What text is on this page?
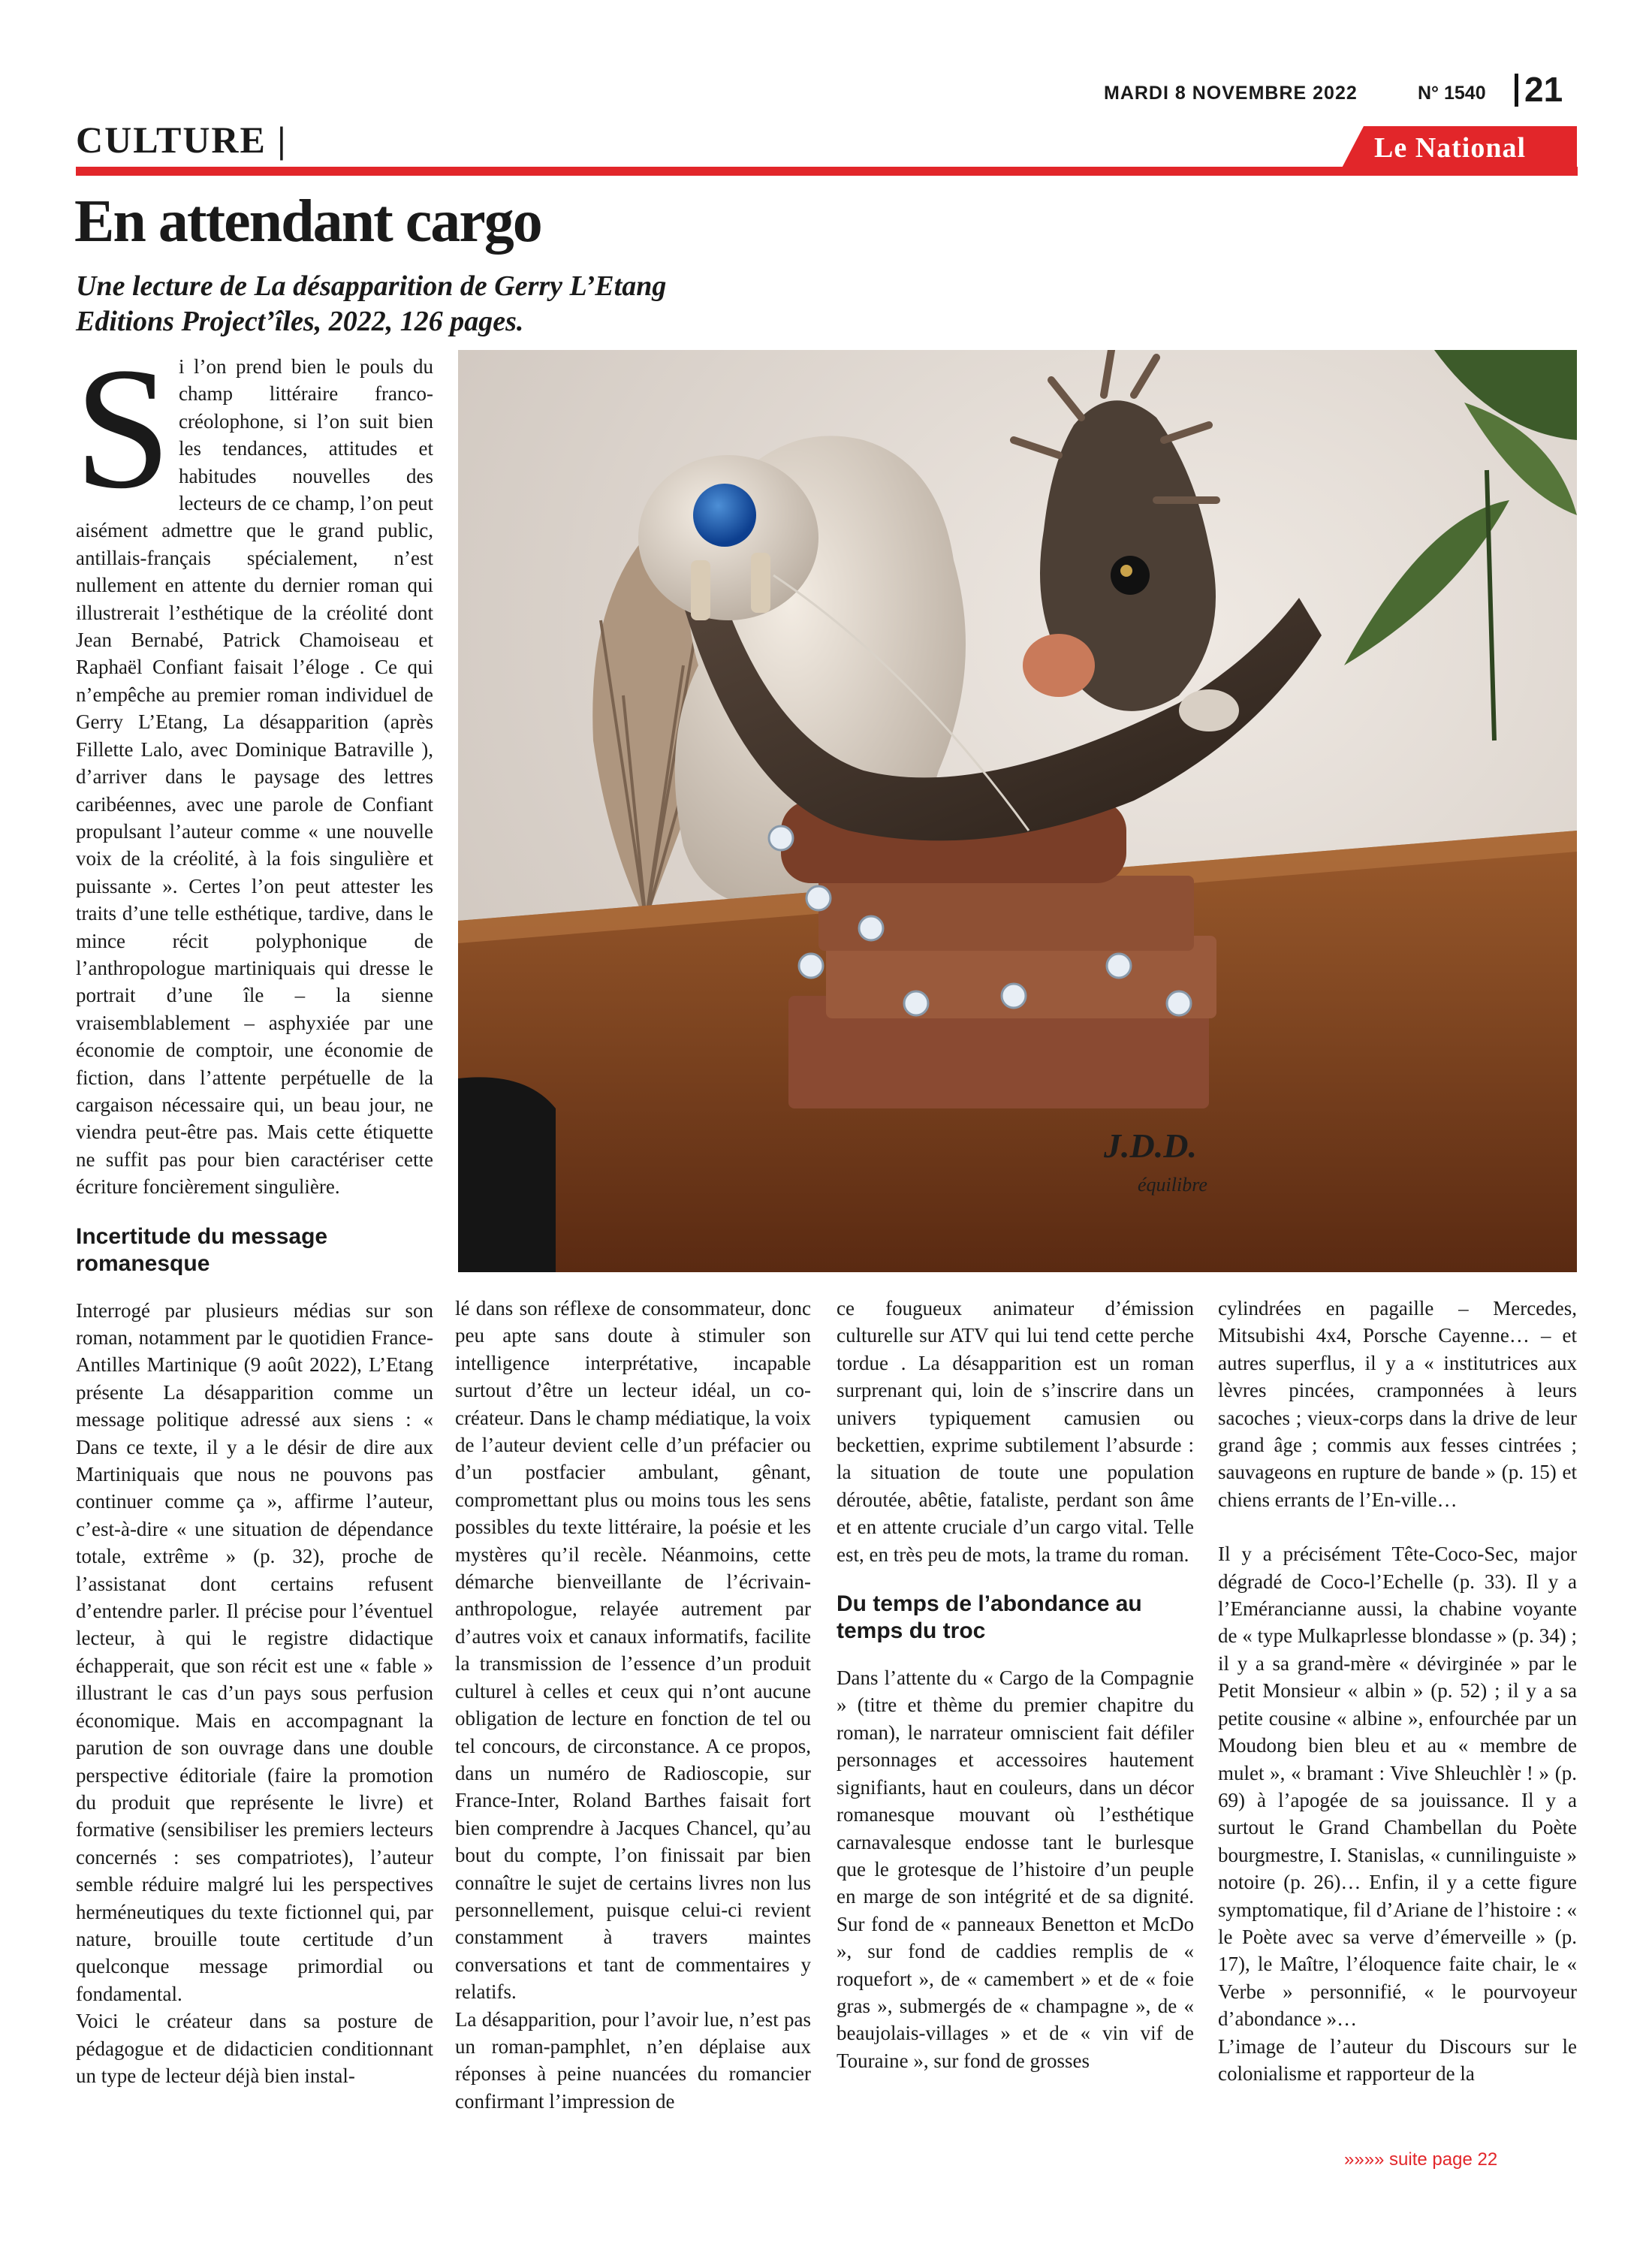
MARDI 8 NOVEMBRE 2022	N° 1540 21
CULTURE |	Le National
En attendant cargo
Une lecture de La désapparition de Gerry L’Etang
Editions Project’îles, 2022, 126 pages.
J.D.D.
équilibre
S i l’on prend bien le pouls du champ littéraire franco-créolophone, si l’on suit bien les tendances, attitudes et habitudes nouvelles des lecteurs de ce champ, l’on peut aisément admettre que le grand public, antillais-français spécialement, n’est nullement en attente du dernier roman qui illustrerait l’esthétique de la créolité dont Jean Bernabé, Patrick Chamoiseau et Raphaël Confiant faisait l’éloge . Ce qui n’empêche au premier roman individuel de Gerry L’Etang, La désapparition (après Fillette Lalo, avec Dominique Batraville ), d’arriver dans le paysage des lettres caribéennes, avec une parole de Confiant propulsant l’auteur comme « une nouvelle voix de la créolité, à la fois singulière et puissante ». Certes l’on peut attester les traits d’une telle esthétique, tardive, dans le mince récit polyphonique de l’anthropologue martiniquais qui dresse le portrait d’une île – la sienne vraisemblablement – asphyxiée par une économie de comptoir, une économie de fiction, dans l’attente perpétuelle de la cargaison nécessaire qui, un beau jour, ne viendra peut-être pas. Mais cette étiquette ne suffit pas pour bien caractériser cette écriture foncièrement singulière.

Incertitude du message romanesque

Interrogé par plusieurs médias sur son roman, notamment par le quotidien France-Antilles Martinique (9 août 2022), L’Etang présente La désapparition comme un message politique adressé aux siens : « Dans ce texte, il y a le désir de dire aux Martiniquais que nous ne pouvons pas continuer comme ça », affirme l’auteur, c’est-à-dire « une situation de dépendance totale, extrême » (p. 32), proche de l’assistanat dont certains refusent d’entendre parler. Il précise pour l’éventuel lecteur, à qui le registre didactique échapperait, que son récit est une « fable » illustrant le cas d’un pays sous perfusion économique. Mais en accompagnant la parution de son ouvrage dans une double perspective éditoriale (faire la promotion du produit que représente le livre) et formative (sensibiliser les premiers lecteurs concernés : ses compatriotes), l’auteur semble réduire malgré lui les perspectives herméneutiques du texte fictionnel qui, par nature, brouille toute certitude d’un quelconque message primordial ou fondamental.

Voici le créateur dans sa posture de pédagogue et de didacticien conditionnant un type de lecteur déjà bien instal-

lé dans son réflexe de consommateur, donc peu apte sans doute à stimuler son intelligence interprétative, incapable surtout d’être un lecteur idéal, un co-créateur. Dans le champ médiatique, la voix de l’auteur devient celle d’un préfacier ou d’un postfacier ambulant, gênant, compromettant plus ou moins tous les sens possibles du texte littéraire, la poésie et les mystères qu’il recèle. Néanmoins, cette démarche bienveillante de l’écrivain-anthropologue, relayée autrement par d’autres voix et canaux informatifs, facilite la transmission de l’essence d’un produit culturel à celles et ceux qui n’ont aucune obligation de lecture en fonction de tel ou tel concours, de circonstance. A ce propos, dans un numéro de Radioscopie, sur France-Inter, Roland Barthes faisait fort bien comprendre à Jacques Chancel, qu’au bout du compte, l’on finissait par bien connaître le sujet de certains livres non lus personnellement, puisque celui-ci revient constamment à travers maintes conversations et tant de commentaires y relatifs.

La désapparition, pour l’avoir lue, n’est pas un roman-pamphlet, n’en déplaise aux réponses à peine nuancées du romancier confirmant l’impression de

ce fougueux animateur d’émission culturelle sur ATV qui lui tend cette perche tordue . La désapparition est un roman surprenant qui, loin de s’inscrire dans un univers typiquement camusien ou beckettien, exprime subtilement l’absurde : la situation de toute une population déroutée, abêtie, fataliste, perdant son âme et en attente cruciale d’un cargo vital. Telle est, en très peu de mots, la trame du roman.

Du temps de l’abondance au temps du troc

Dans l’attente du « Cargo de la Compagnie » (titre et thème du premier chapitre du roman), le narrateur omniscient fait défiler personnages et accessoires hautement signifiants, haut en couleurs, dans un décor romanesque mouvant où l’esthétique carnavalesque endosse tant le burlesque que le grotesque de l’histoire d’un peuple en marge de son intégrité et de sa dignité. Sur fond de « panneaux Benetton et McDo », sur fond de caddies remplis de « roquefort », de « camembert » et de « foie gras », submergés de « champagne », de « beaujolais-villages » et de « vin vif de Touraine », sur fond de grosses

cylindrées en pagaille – Mercedes, Mitsubishi 4x4, Porsche Cayenne… – et autres superflus, il y a « institutrices aux lèvres pincées, cramponnées à leurs sacoches ; vieux-corps dans la drive de leur grand âge ; commis aux fesses cintrées ; sauvageons en rupture de bande » (p. 15) et chiens errants de l’En-ville…

Il y a précisément Tête-Coco-Sec, major dégradé de Coco-l’Echelle (p. 33). Il y a l’Emérancianne aussi, la chabine voyante de « type Mulkaprlesse blondasse » (p. 34) ; il y a sa grand-mère « dévirginée » par le Petit Monsieur « albin » (p. 52) ; il y a sa petite cousine « albine », enfourchée par un Moudong bien bleu et au « membre de mulet », « bramant : Vive Shleuchlèr ! » (p. 69) à l’apogée de sa jouissance. Il y a surtout le Grand Chambellan du Poète bourgmestre, I. Stanislas, « cunnilinguiste » notoire (p. 26)… Enfin, il y a cette figure symptomatique, fil d’Ariane de l’histoire : « le Poète avec sa verve d’émerveille » (p. 17), le Maître, l’éloquence faite chair, le « Verbe » personnifié, « le pourvoyeur d’abondance »…

L’image de l’auteur du Discours sur le colonialisme et rapporteur de la

»»»» suite page 22
